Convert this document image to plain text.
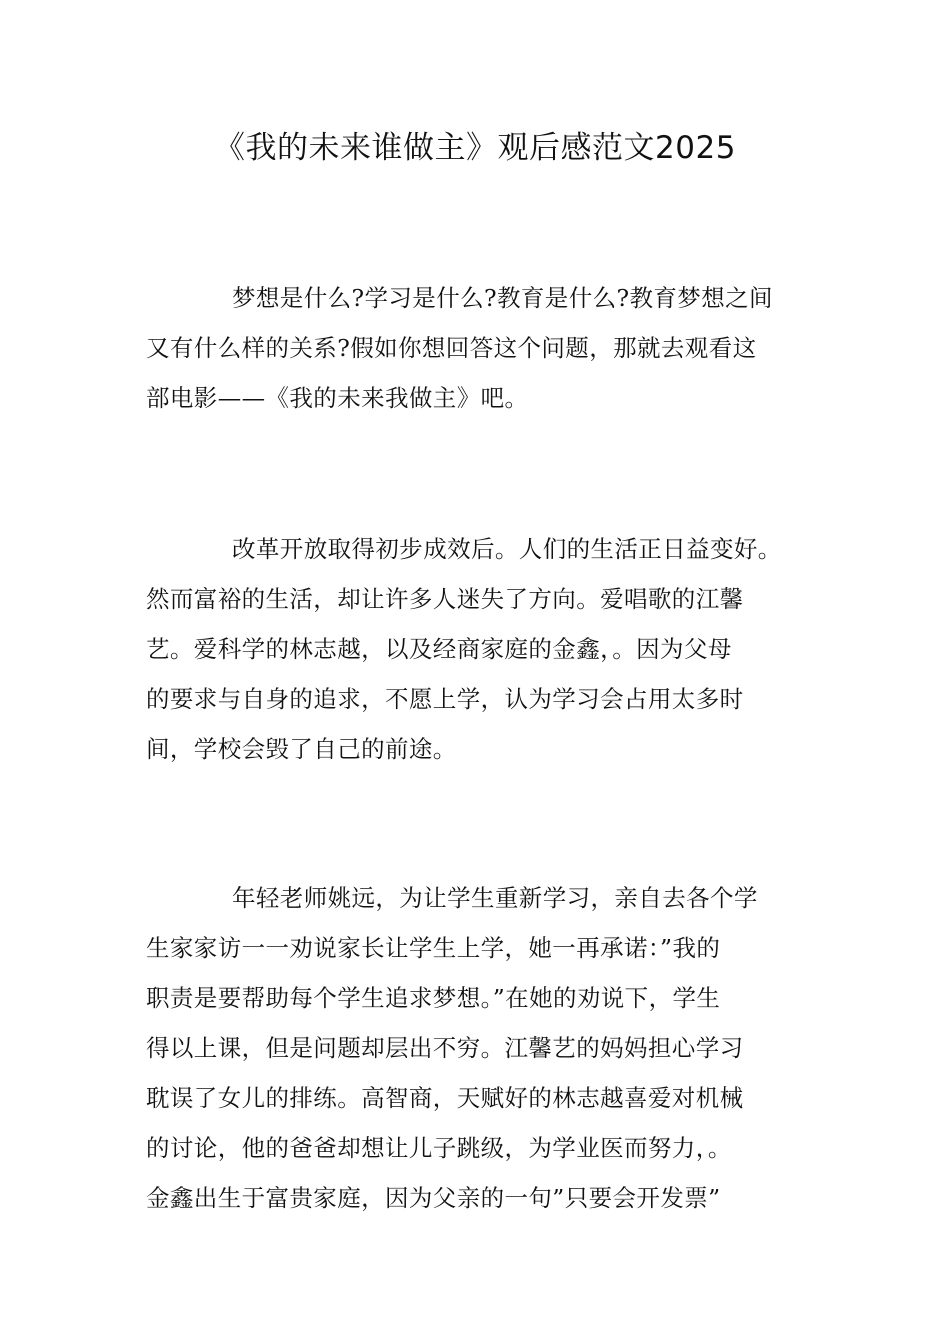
《我的未来谁做主》观后感范文2025

梦想是什么?学习是什么?教育是什么?教育梦想之间
又有什么样的关系?假如你想回答这个问题，那就去观看这
部电影——《我的未来我做主》吧。

改革开放取得初步成效后。人们的生活正日益变好。
然而富裕的生活，却让许多人迷失了方向。爱唱歌的江馨
艺。爱科学的林志越，以及经商家庭的金鑫，。因为父母
的要求与自身的追求，不愿上学，认为学习会占用太多时
间，学校会毁了自己的前途。

年轻老师姚远，为让学生重新学习，亲自去各个学
生家家访一一劝说家长让学生上学，她一再承诺：”我的
职责是要帮助每个学生追求梦想。”在她的劝说下，学生
得以上课，但是问题却层出不穷。江馨艺的妈妈担心学习
耽误了女儿的排练。高智商，天赋好的林志越喜爱对机械
的讨论，他的爸爸却想让儿子跳级，为学业医而努力，。
金鑫出生于富贵家庭，因为父亲的一句”只要会开发票”
